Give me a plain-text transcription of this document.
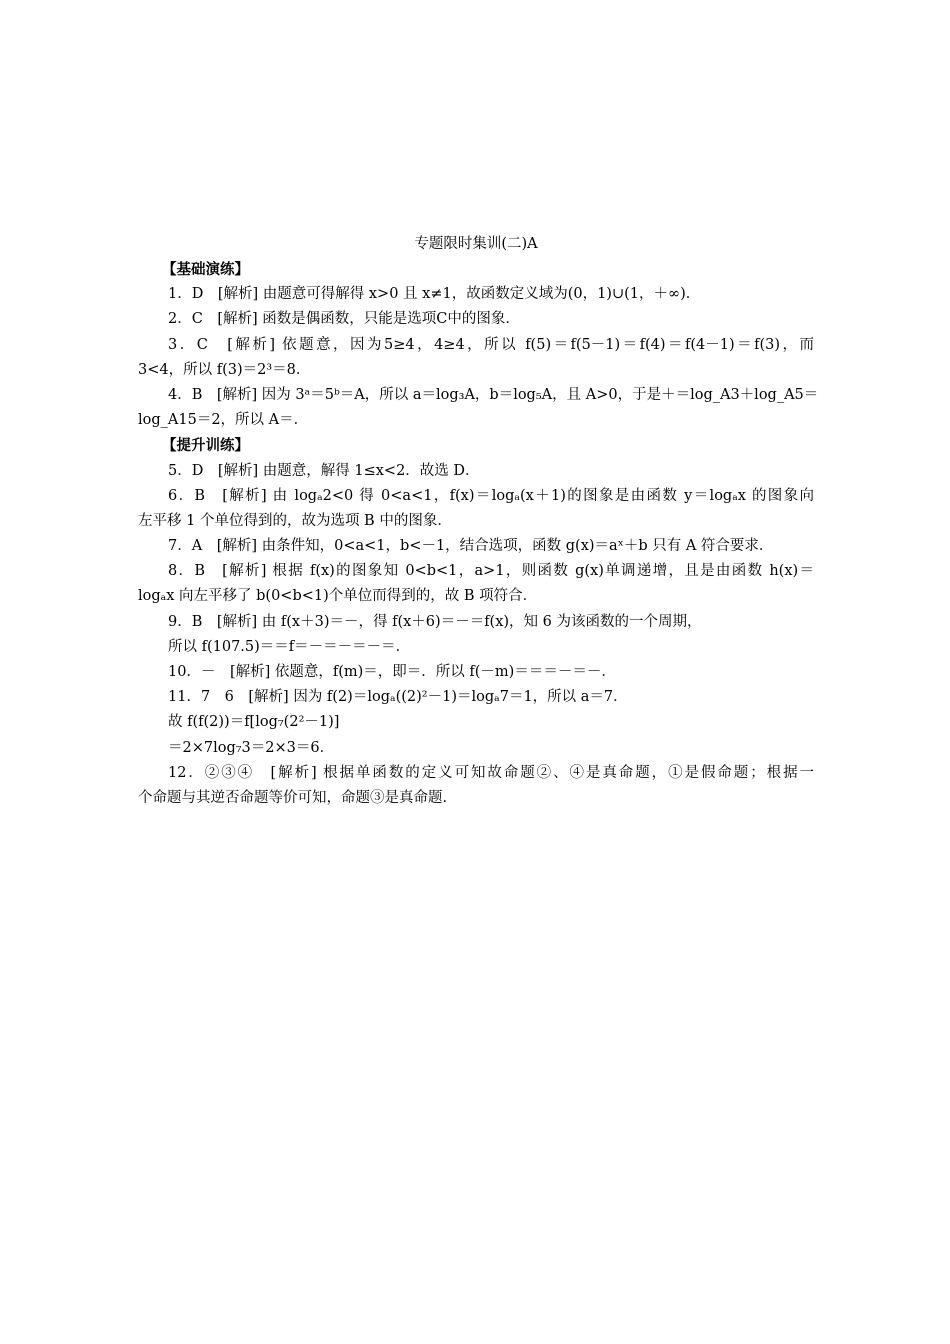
专题限时集训(二)A
【基础演练】
1．D　[解析] 由题意可得解得 x>0 且 x≠1，故函数定义域为(0，1)∪(1，＋∞)．
2．C　[解析] 函数是偶函数，只能是选项C中的图象．
3．C　[解析] 依题意，因为5≥4，4≥4，所以 f(5)＝f(5－1)＝f(4)＝f(4－1)＝f(3)，而
3<4，所以 f(3)＝2³＝8．
4．B　[解析] 因为 3ᵃ＝5ᵇ＝A，所以 a＝log₃A，b＝log₅A，且 A>0，于是＋＝log_A3＋log_A5＝
log_A15＝2，所以 A＝．
【提升训练】
5．D　[解析] 由题意，解得 1≤x<2．故选 D．
6．B　[解析] 由 logₐ2<0 得 0<a<1，f(x)＝logₐ(x＋1)的图象是由函数 y＝logₐx 的图象向
左平移 1 个单位得到的，故为选项 B 中的图象．
7．A　[解析] 由条件知，0<a<1，b<－1，结合选项，函数 g(x)＝aˣ＋b 只有 A 符合要求．
8．B　[解析] 根据 f(x)的图象知 0<b<1，a>1，则函数 g(x)单调递增，且是由函数 h(x)＝
logₐx 向左平移了 b(0<b<1)个单位而得到的，故 B 项符合．
9．B　[解析] 由 f(x＋3)＝－，得 f(x＋6)＝－＝f(x)，知 6 为该函数的一个周期，
所以 f(107.5)＝＝f＝－＝－＝－＝．
10．－　[解析] 依题意，f(m)＝，即＝．所以 f(－m)＝＝＝－＝－．
11．7　6　[解析] 因为 f(2)＝logₐ((2)²－1)＝logₐ7＝1，所以 a＝7．
故 f(f(2))＝f[log₇(2²－1)]
＝2×7log₇3＝2×3＝6．
12．②③④　[解析] 根据单函数的定义可知故命题②、④是真命题，①是假命题；根据一
个命题与其逆否命题等价可知，命题③是真命题．
